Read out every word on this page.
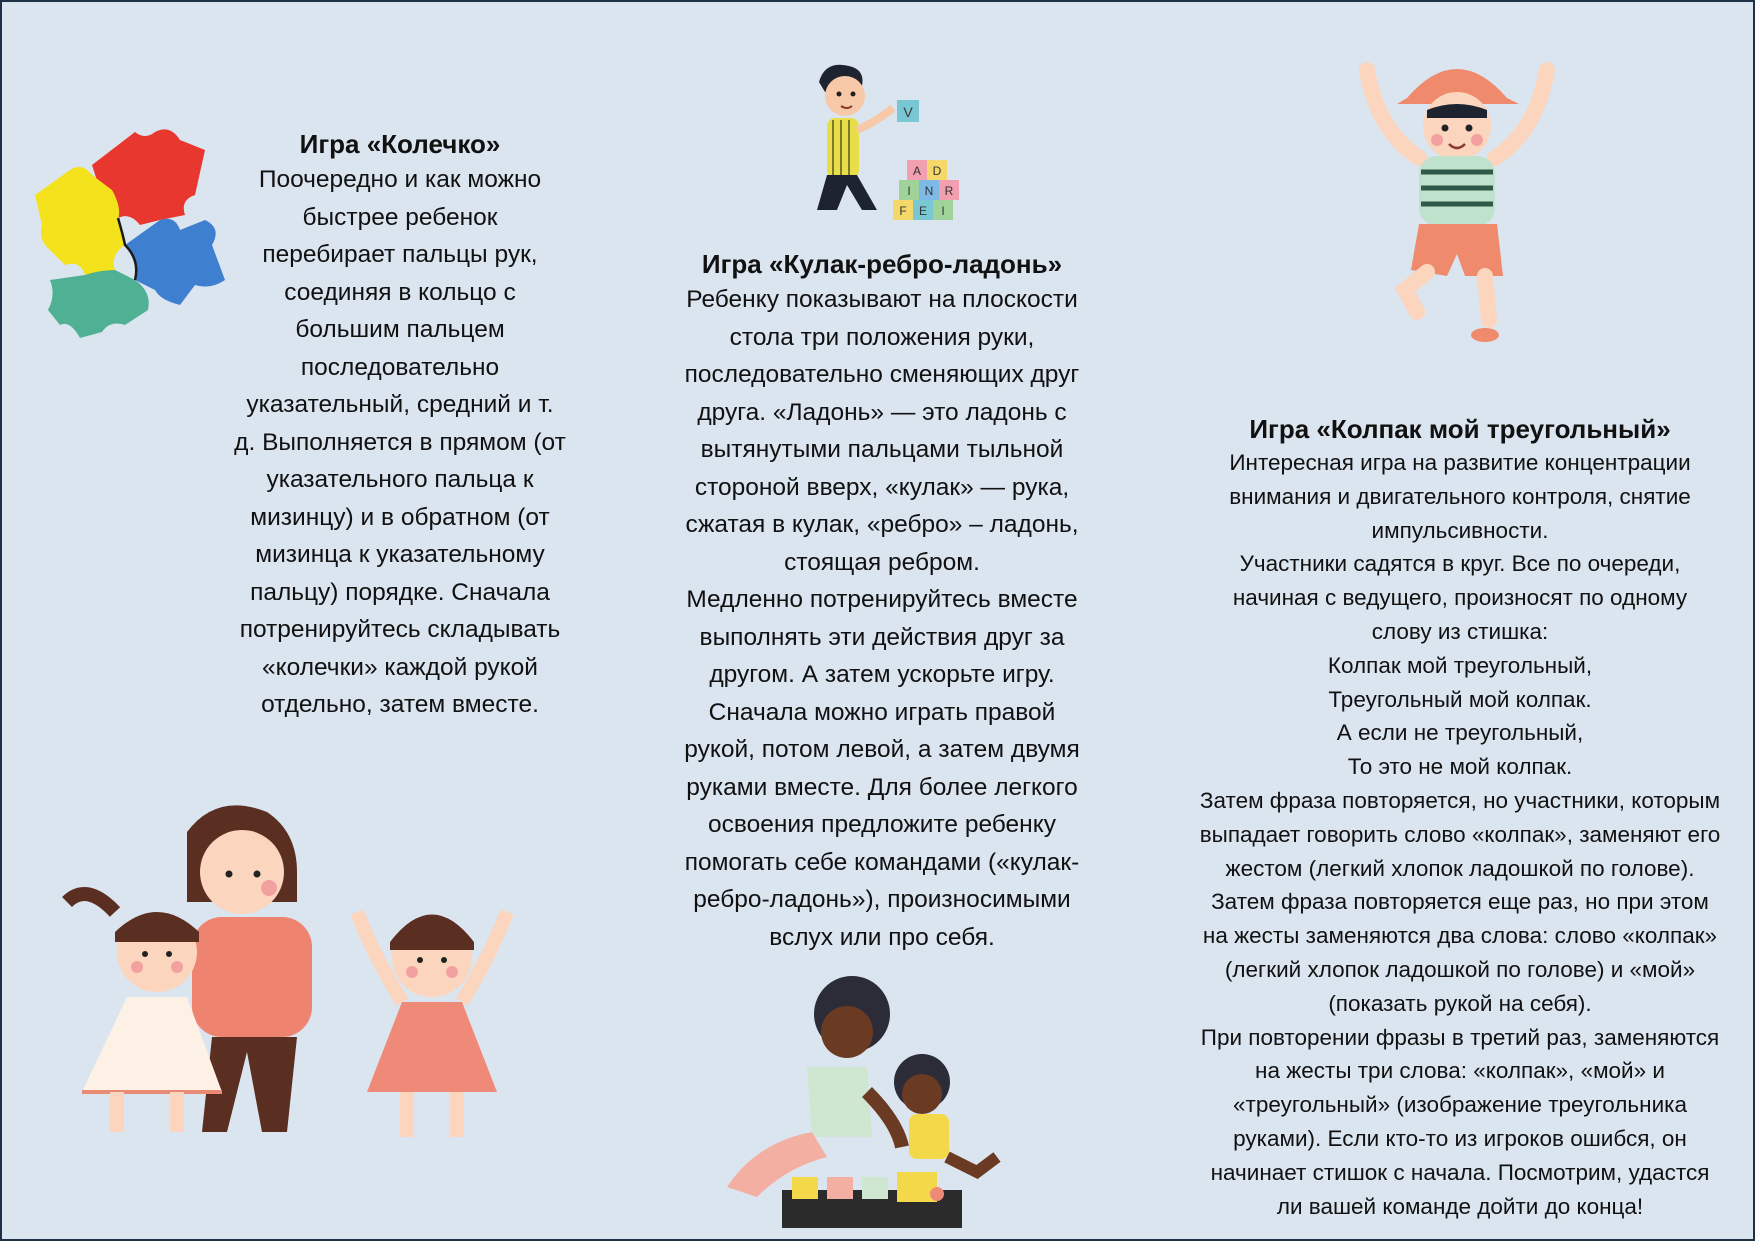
V
A D
I N R
F E I
Игра «Колечко»
Поочередно и как можно
быстрее ребенок
перебирает пальцы рук,
соединяя в кольцо с
большим пальцем
последовательно
указательный, средний и т.
д. Выполняется в прямом (от
указательного пальца к
мизинцу) и в обратном (от
мизинца к указательному
пальцу) порядке. Сначала
потренируйтесь складывать
«колечки» каждой рукой
отдельно, затем вместе.
Игра «Кулак-ребро-ладонь»
Ребенку показывают на плоскости
стола три положения руки,
последовательно сменяющих друг
друга. «Ладонь» — это ладонь с
вытянутыми пальцами тыльной
стороной вверх, «кулак» — рука,
сжатая в кулак, «ребро» – ладонь,
стоящая ребром.
Медленно потренируйтесь вместе
выполнять эти действия друг за
другом. А затем ускорьте игру.
Сначала можно играть правой
рукой, потом левой, а затем двумя
руками вместе. Для более легкого
освоения предложите ребенку
помогать себе командами («кулак-
ребро-ладонь»), произносимыми
вслух или про себя.
Игра «Колпак мой треугольный»
Интересная игра на развитие концентрации
внимания и двигательного контроля, снятие
импульсивности.
Участники садятся в круг. Все по очереди,
начиная с ведущего, произносят по одному
слову из стишка:
Колпак мой треугольный,
Треугольный мой колпак.
А если не треугольный,
То это не мой колпак.
Затем фраза повторяется, но участники, которым
выпадает говорить слово «колпак», заменяют его
жестом (легкий хлопок ладошкой по голове).
Затем фраза повторяется еще раз, но при этом
на жесты заменяются два слова: слово «колпак»
(легкий хлопок ладошкой по голове) и «мой»
(показать рукой на себя).
При повторении фразы в третий раз, заменяются
на жесты три слова: «колпак», «мой» и
«треугольный» (изображение треугольника
руками). Если кто-то из игроков ошибся, он
начинает стишок с начала. Посмотрим, удастся
ли вашей команде дойти до конца!
